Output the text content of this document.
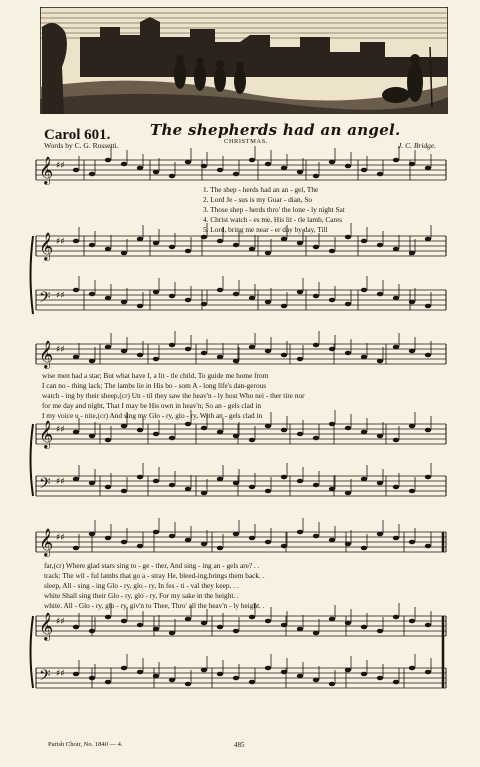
Carol 601.	The shepherds had an angel.
CHRISTMAS.
Words by C. G. Rossetti.	J. C. Bridge.
𝄞 ♯♯
𝄞 ♯♯
𝄢 ♯♯
𝄞 ♯♯
𝄞 ♯♯
𝄢 ♯♯
𝄞 ♯♯
𝄞 ♯♯
𝄢 ♯♯
1. The shep - herds had an an - gel, The
2. Lord Je - sus is my Guar - dian, So
3. Those shep - herds thro' the lone - ly night Sat
4. Christ watch - es me, His lit - tle lamb, Cares
5. Lord, bring me near - er day by day, Till
wise men had a star; But what have I, a lit - tle child, To guide me home from
I can no - thing lack; The lambs lie in His bo - som A - long life's dan-gerous
watch - ing by their sheep,(cr) Un - til they saw the heav'n - ly host Who nei - ther tire nor
for me day and night, That I may be His own in heav'n; So an - gels clad in
I my voice u - nite,(cr) And sing my Glo - ry, glo - ry, With an - gels clad in
far,(cr) Where glad stars sing to - ge - ther, And sing - ing an - gels are? . .
track: The wil - ful lambs that go a - stray He, bleed-ing,brings them back. .
sleep, All - sing - ing Glo - ry, glo - ry, In fes - ti - val they keep. . .
white Shall sing their Glo - ry, glo - ry, For my sake in the height. .
white. All - Glo - ry, glo - ry, giv'n to Thee, Thro' all the heav'n - ly height. .
Parish Choir, No. 1840 — 4.	485
